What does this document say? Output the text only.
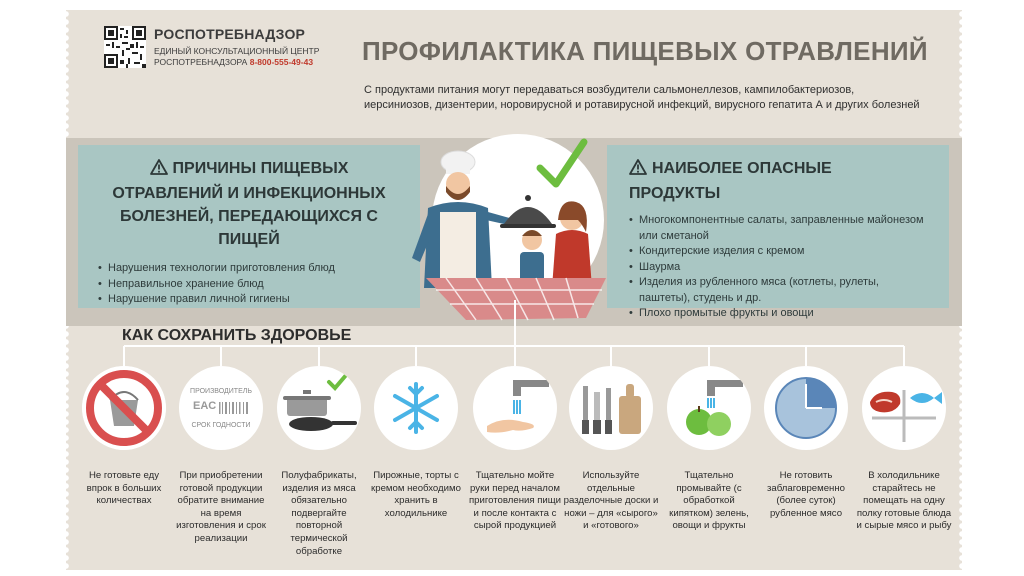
РОСПОТРЕБНАДЗОР
ЕДИНЫЙ КОНСУЛЬТАЦИОННЫЙ ЦЕНТР
РОСПОТРЕБНАДЗОРА 8-800-555-49-43 ПРОФИЛАКТИКА ПИЩЕВЫХ ОТРАВЛЕНИЙ
С продуктами питания могут передаваться возбудители сальмонеллезов, кампилобактериозов, иерсиниозов, дизентерии, норовирусной и ротавирусной инфекций, вирусного гепатита А и других болезней
ПРИЧИНЫ ПИЩЕВЫХ ОТРАВЛЕНИЙ И ИНФЕКЦИОННЫХ БОЛЕЗНЕЙ, ПЕРЕДАЮЩИХСЯ С ПИЩЕЙ
• Нарушения технологии приготовления блюд
• Неправильное хранение блюд
• Нарушение правил личной гигиены
НАИБОЛЕЕ ОПАСНЫЕ ПРОДУКТЫ
• Многокомпонентные салаты, заправленные майонезом или сметаной
• Кондитерские изделия с кремом
• Шаурма
• Изделия из рубленного мяса (котлеты, рулеты, паштеты), студень и др.
• Плохо промытые фрукты и овощи
КАК СОХРАНИТЬ ЗДОРОВЬЕ
Не готовьте еду впрок в больших количествах
ПРОИЗВОДИТЕЛЬ
EAC
СРОК ГОДНОСТИ
При приобретении готовой продукции обратите внимание на время изготовления и срок реализации
Полуфабрикаты, изделия из мяса обязательно подвергайте повторной термической обработке
Пирожные, торты с кремом необходимо хранить в холодильнике
Тщательно мойте руки перед началом приготовления пищи и после контакта с сырой продукцией
Используйте отдельные разделочные доски и ножи – для «сырого» и «готового»
Тщательно промывайте (с обработкой кипятком) зелень, овощи и фрукты
Не готовить заблаговременно (более суток) рубленное мясо
В холодильнике старайтесь не помещать на одну полку готовые блюда и сырые мясо и рыбу
